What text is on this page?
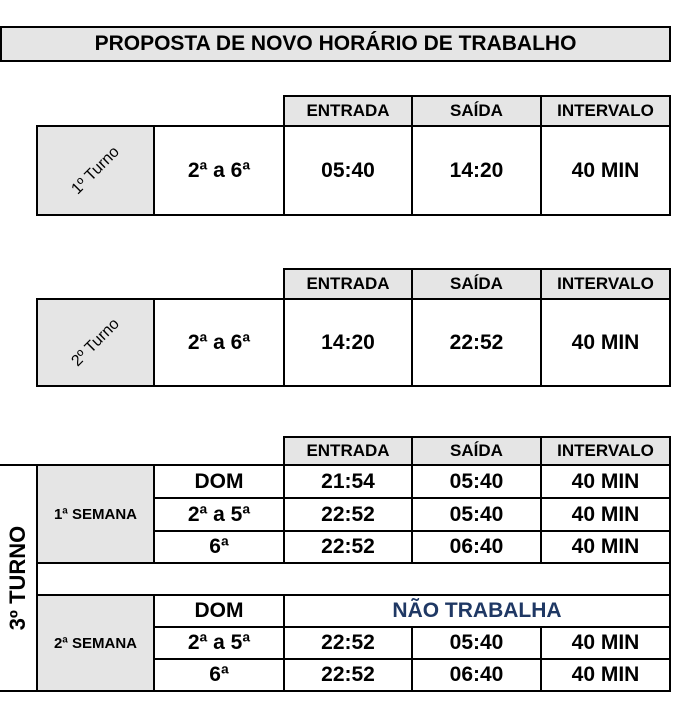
PROPOSTA DE NOVO HORÁRIO DE TRABALHO
ENTRADA	SAÍDA	INTERVALO
1º Turno	2ª a 6ª	05:40	14:20	40 MIN
ENTRADA	SAÍDA	INTERVALO
2º Turno	2ª a 6ª	14:20	22:52	40 MIN
ENTRADA	SAÍDA	INTERVALO
3º TURNO
1ª SEMANA
DOM	21:54	05:40	40 MIN
2ª a 5ª	22:52	05:40	40 MIN
6ª	22:52	06:40	40 MIN
2ª SEMANA
DOM	NÃO TRABALHA
2ª a 5ª	22:52	05:40	40 MIN
6ª	22:52	06:40	40 MIN
